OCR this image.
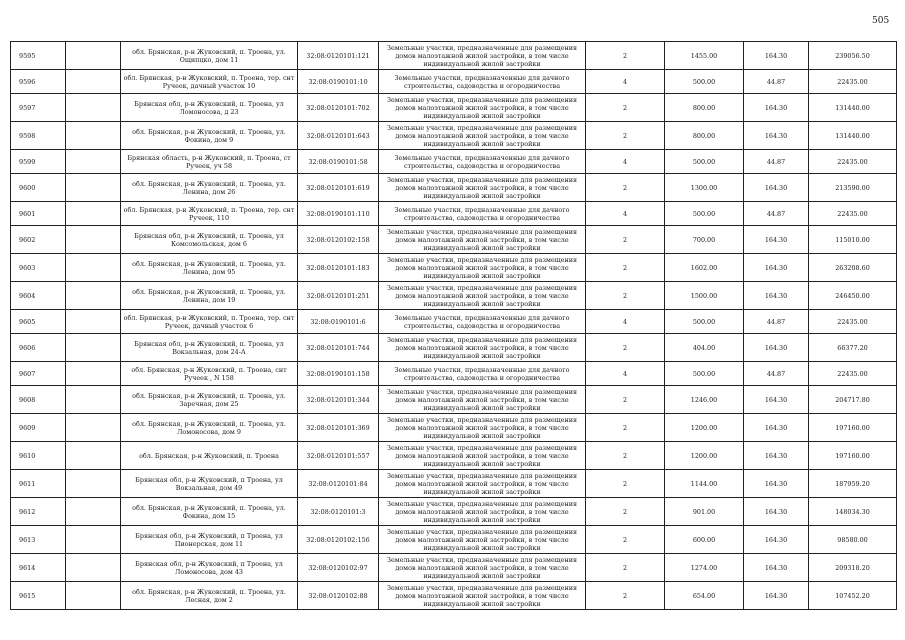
505
9595		обл. Брянская, р-н Жуковский, п. Троена, ул. Ощипцко, дом 11	32:08:0120101:121	Земельные участки, предназначенные для размещения домов малоэтажной жилой застройки, в том числе индивидуальной жилой застройки	2	1455.00	164.30	239056.50
9596		обл. Брянская, р-н Жуковский, п. Троена, тер. снт Ручеек, дачный участок 10	32:08:0190101:10	Земельные участки, предназначенные для дачного строительства, садоводства и огородничества	4	500.00	44.87	22435.00
9597		Брянская обл, р-н Жуковский, п. Троена, ул Ломоносова, д 23	32:08:0120101:702	Земельные участки, предназначенные для размещения домов малоэтажной жилой застройки, в том числе индивидуальной жилой застройки	2	800.00	164.30	131440.00
9598		обл. Брянская, р-н Жуковский, п. Троена, ул. Фокина, дом 9	32:08:0120101:643	Земельные участки, предназначенные для размещения домов малоэтажной жилой застройки, в том числе индивидуальной жилой застройки	2	800.00	164.30	131440.00
9599		Брянская область, р-н Жуковский, п. Троена, ст Ручеек, уч 58	32:08:0190101:58	Земельные участки, предназначенные для дачного строительства, садоводства и огородничества	4	500.00	44.87	22435.00
9600		обл. Брянская, р-н Жуковский, п. Троена, ул. Ленина, дом 26	32:08:0120101:619	Земельные участки, предназначенные для размещения домов малоэтажной жилой застройки, в том числе индивидуальной жилой застройки	2	1300.00	164.30	213590.00
9601		обл. Брянская, р-н Жуковский, п. Троена, тер. снт Ручеек, 110	32:08:0190101:110	Земельные участки, предназначенные для дачного строительства, садоводства и огородничества	4	500.00	44.87	22435.00
9602		Брянская обл, р-н Жуковский, п. Троена, ул Комсомольская, дом 6	32:08:0120102:158	Земельные участки, предназначенные для размещения домов малоэтажной жилой застройки, в том числе индивидуальной жилой застройки	2	700.00	164.30	115010.00
9603		обл. Брянская, р-н Жуковский, п. Троена, ул. Ленина, дом 95	32:08:0120101:183	Земельные участки, предназначенные для размещения домов малоэтажной жилой застройки, в том числе индивидуальной жилой застройки	2	1602.00	164.30	263208.60
9604		обл. Брянская, р-н Жуковский, п. Троена, ул. Ленина, дом 19	32:08:0120101:251	Земельные участки, предназначенные для размещения домов малоэтажной жилой застройки, в том числе индивидуальной жилой застройки	2	1500.00	164.30	246450.00
9605		обл. Брянская, р-н Жуковский, п. Троена, тер. снт Ручеек, дачный участок 6	32:08:0190101:6	Земельные участки, предназначенные для дачного строительства, садоводства и огородничества	4	500.00	44.87	22435.00
9606		Брянская обл, р-н Жуковский, п. Троена, ул Вокзальная, дом 24-А	32:08:0120101:744	Земельные участки, предназначенные для размещения домов малоэтажной жилой застройки, в том числе индивидуальной жилой застройки	2	404.00	164.30	66377.20
9607		обл. Брянская, р-н Жуковский, п. Троена, снт Ручеек , N 158	32:08:0190101:158	Земельные участки, предназначенные для дачного строительства, садоводства и огородничества	4	500.00	44.87	22435.00
9608		обл. Брянская, р-н Жуковский, п. Троена, ул. Заречная, дом 25	32:08:0120101:344	Земельные участки, предназначенные для размещения домов малоэтажной жилой застройки, в том числе индивидуальной жилой застройки	2	1246.00	164.30	204717.80
9609		обл. Брянская, р-н Жуковский, п. Троена, ул. Ломоносова, дом 9	32:08:0120101:369	Земельные участки, предназначенные для размещения домов малоэтажной жилой застройки, в том числе индивидуальной жилой застройки	2	1200.00	164.30	197160.00
9610		обл. Брянская, р-н Жуковский, п. Троена	32:08:0120101:557	Земельные участки, предназначенные для размещения домов малоэтажной жилой застройки, в том числе индивидуальной жилой застройки	2	1200.00	164.30	197160.00
9611		Брянская обл, р-н Жуковский, п Троена, ул Вокзальная, дом 49	32:08:0120101:84	Земельные участки, предназначенные для размещения домов малоэтажной жилой застройки, в том числе индивидуальной жилой застройки	2	1144.00	164.30	187959.20
9612		обл. Брянская, р-н Жуковский, п. Троена, ул. Фокина, дом 15	32:08:0120101:3	Земельные участки, предназначенные для размещения домов малоэтажной жилой застройки, в том числе индивидуальной жилой застройки	2	901.00	164.30	148034.30
9613		Брянская обл, р-н Жуковский, п Троена, ул Пионерская, дом 11	32:08:0120102:156	Земельные участки, предназначенные для размещения домов малоэтажной жилой застройки, в том числе индивидуальной жилой застройки	2	600.00	164.30	98580.00
9614		Брянская обл, р-н Жуковский, п Троена, ул Ломоносова, дом 43	32:08:0120102:97	Земельные участки, предназначенные для размещения домов малоэтажной жилой застройки, в том числе индивидуальной жилой застройки	2	1274.00	164.30	209318.20
9615		обл. Брянская, р-н Жуковский, п. Троена, ул. Лесная, дом 2	32:08:0120102:88	Земельные участки, предназначенные для размещения домов малоэтажной жилой застройки, в том числе индивидуальной жилой застройки	2	654.00	164.30	107452.20
